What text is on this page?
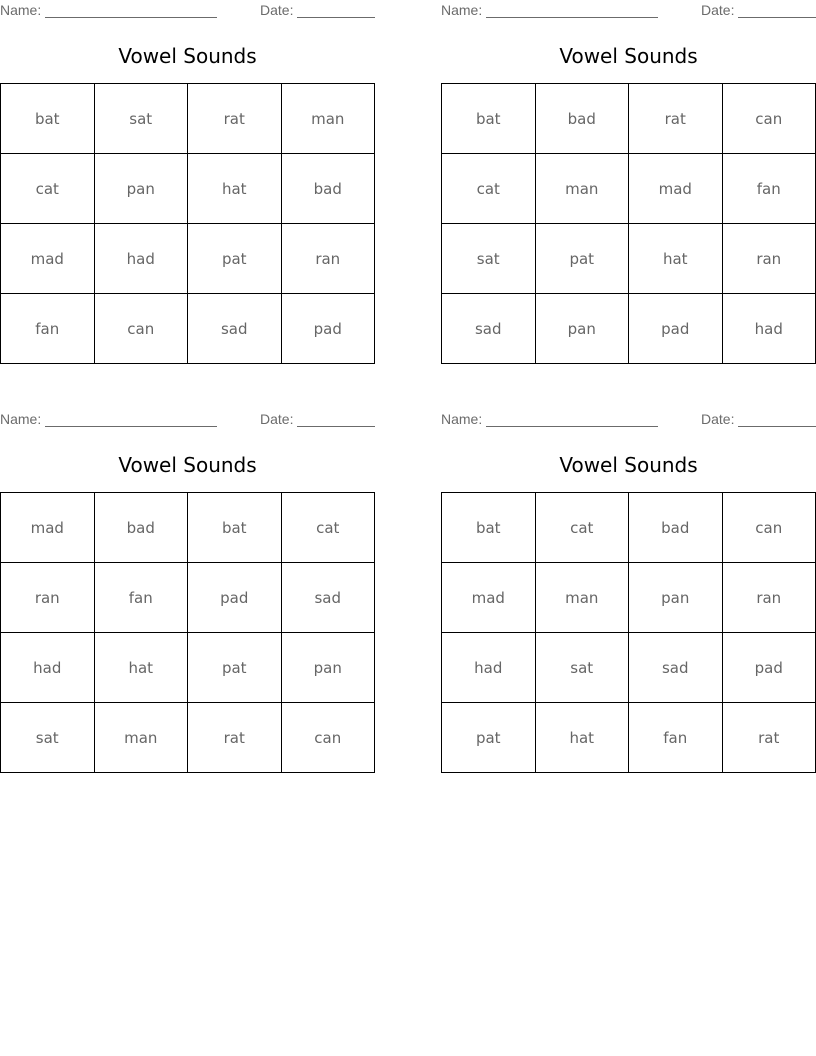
Name:	Date:
Vowel Sounds
bat	sat	rat	man
cat	pan	hat	bad
mad	had	pat	ran
fan	can	sad	pad
Name:	Date:
Vowel Sounds
bat	bad	rat	can
cat	man	mad	fan
sat	pat	hat	ran
sad	pan	pad	had
Name:	Date:
Vowel Sounds
mad	bad	bat	cat
ran	fan	pad	sad
had	hat	pat	pan
sat	man	rat	can
Name:	Date:
Vowel Sounds
bat	cat	bad	can
mad	man	pan	ran
had	sat	sad	pad
pat	hat	fan	rat
